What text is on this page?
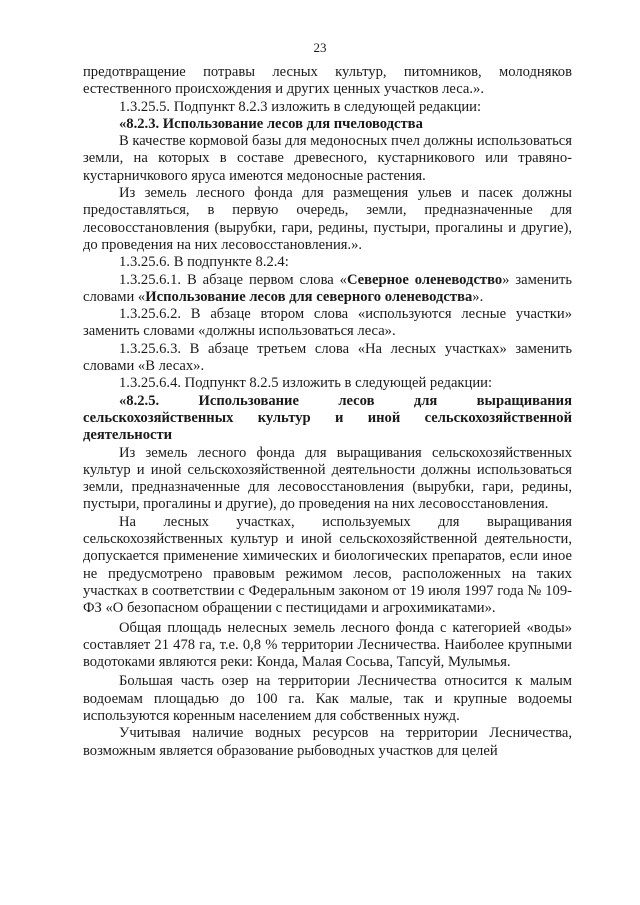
23

предотвращение потравы лесных культур, питомников, молодняков естественного происхождения и других ценных участков леса.».

1.3.25.5. Подпункт 8.2.3 изложить в следующей редакции:

«8.2.3. Использование лесов для пчеловодства

В качестве кормовой базы для медоносных пчел должны использоваться земли, на которых в составе древесного, кустарникового или травяно-кустарничкового яруса имеются медоносные растения.

Из земель лесного фонда для размещения ульев и пасек должны предоставляться, в первую очередь, земли, предназначенные для лесовосстановления (вырубки, гари, редины, пустыри, прогалины и другие), до проведения на них лесовосстановления.».

1.3.25.6. В подпункте 8.2.4:

1.3.25.6.1. В абзаце первом слова «Северное оленеводство» заменить словами «Использование лесов для северного оленеводства».

1.3.25.6.2. В абзаце втором слова «используются лесные участки» заменить словами «должны использоваться леса».

1.3.25.6.3. В абзаце третьем слова «На лесных участках» заменить словами «В лесах».

1.3.25.6.4. Подпункт 8.2.5 изложить в следующей редакции:

«8.2.5. Использование лесов для выращивания сельскохозяйственных культур и иной сельскохозяйственной деятельности

Из земель лесного фонда для выращивания сельскохозяйственных культур и иной сельскохозяйственной деятельности должны использоваться земли, предназначенные для лесовосстановления (вырубки, гари, редины, пустыри, прогалины и другие), до проведения на них лесовосстановления.

На лесных участках, используемых для выращивания сельскохозяйственных культур и иной сельскохозяйственной деятельности, допускается применение химических и биологических препаратов, если иное не предусмотрено правовым режимом лесов, расположенных на таких участках в соответствии с Федеральным законом от 19 июля 1997 года № 109-ФЗ «О безопасном обращении с пестицидами и агрохимикатами».

Общая площадь нелесных земель лесного фонда с категорией «воды» составляет 21 478 га, т.е. 0,8 % территории Лесничества. Наиболее крупными водотоками являются реки: Конда, Малая Сосьва, Тапсуй, Мулымья.

Большая часть озер на территории Лесничества относится к малым водоемам площадью до 100 га. Как малые, так и крупные водоемы используются коренным населением для собственных нужд.

Учитывая наличие водных ресурсов на территории Лесничества, возможным является образование рыбоводных участков для целей
